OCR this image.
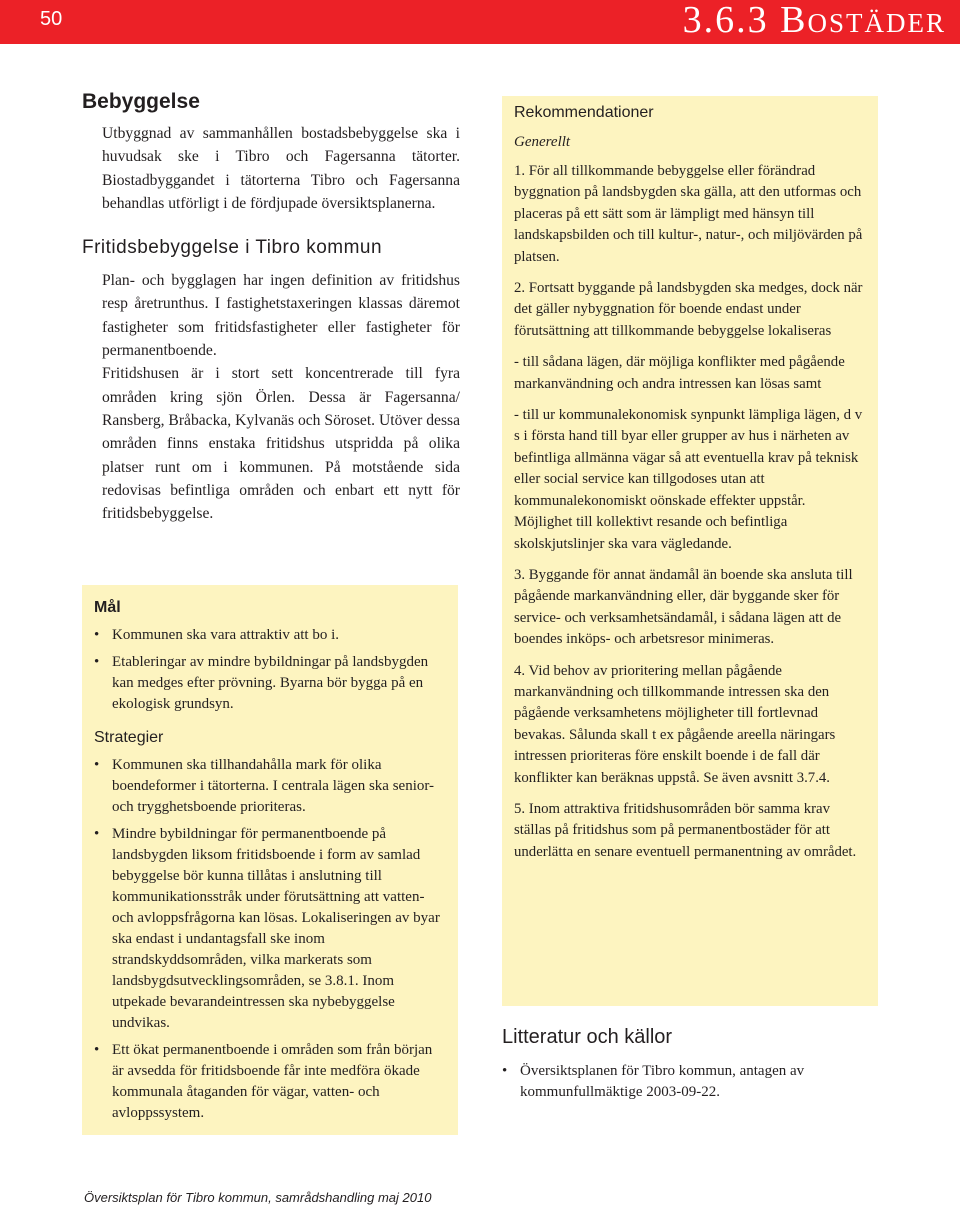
50	3.6.3 Bostäder
Bebyggelse

Utbyggnad av sammanhållen bostadsbebyggelse ska i huvudsak ske i Tibro och Fagersanna tätorter. Biostadbyggandet i tätorterna Tibro och Fagersanna behandlas utförligt i de fördjupade översiktsplanerna.

Fritidsbebyggelse i Tibro kommun

Plan- och bygglagen har ingen definition av fritidshus resp åretrunthus. I fastighetstaxeringen klassas däremot fastigheter som fritidsfastigheter eller fastigheter för permanentboende.

Fritidshusen är i stort sett koncentrerade till fyra områden kring sjön Örlen. Dessa är Fagersanna/ Ransberg, Bråbacka, Kylvanäs och Söroset. Utöver dessa områden finns enstaka fritidshus utspridda på olika platser runt om i kommunen. På motstående sida redovisas befintliga områden och enbart ett nytt för fritidsbebyggelse.

Mål
• Kommunen ska vara attraktiv att bo i.
• Etableringar av mindre bybildningar på landsbygden kan medges efter prövning. Byarna bör bygga på en ekologisk grundsyn.
Strategier
• Kommunen ska tillhandahålla mark för olika boendeformer i tätorterna. I centrala lägen ska senior- och trygghetsboende prioriteras.
• Mindre bybildningar för permanentboende på landsbygden liksom fritidsboende i form av samlad bebyggelse bör kunna tillåtas i anslutning till kommunikationsstråk under förutsättning att vatten- och avloppsfrågorna kan lösas. Lokaliseringen av byar ska endast i undantagsfall ske inom strandskyddsområden, vilka markerats som landsbygdsutvecklingsområden, se 3.8.1. Inom utpekade bevarandeintressen ska nybebyggelse undvikas.
• Ett ökat permanentboende i områden som från början är avsedda för fritidsboende får inte medföra ökade kommunala åtaganden för vägar, vatten- och avloppssystem.
Rekommendationer
Generellt

1. För all tillkommande bebyggelse eller förändrad byggnation på landsbygden ska gälla, att den utformas och placeras på ett sätt som är lämpligt med hänsyn till landskapsbilden och till kultur-, natur-, och miljövärden på platsen.

2. Fortsatt byggande på landsbygden ska medges, dock när det gäller nybyggnation för boende endast under förutsättning att tillkommande bebyggelse lokaliseras

- till sådana lägen, där möjliga konflikter med pågående markanvändning och andra intressen kan lösas samt

- till ur kommunalekonomisk synpunkt lämpliga lägen, d v s i första hand till byar eller grupper av hus i närheten av befintliga allmänna vägar så att eventuella krav på teknisk eller social service kan tillgodoses utan att kommunalekonomiskt oönskade effekter uppstår. Möjlighet till kollektivt resande och befintliga skolskjutslinjer ska vara vägledande.

3. Byggande för annat ändamål än boende ska ansluta till pågående markanvändning eller, där byggande sker för service- och verksamhetsändamål, i sådana lägen att de boendes inköps- och arbetsresor minimeras.

4. Vid behov av prioritering mellan pågående markanvändning och tillkommande intressen ska den pågående verksamhetens möjligheter till fortlevnad bevakas. Sålunda skall t ex pågående areella näringars intressen prioriteras före enskilt boende i de fall där konflikter kan beräknas uppstå. Se även avsnitt 3.7.4.

5. Inom attraktiva fritidshusområden bör samma krav ställas på fritidshus som på permanentbostäder för att underlätta en senare eventuell permanentning av området.

Litteratur och källor
• Översiktsplanen för Tibro kommun, antagen av kommunfullmäktige 2003-09-22.
Översiktsplan för Tibro kommun, samrådshandling maj 2010
